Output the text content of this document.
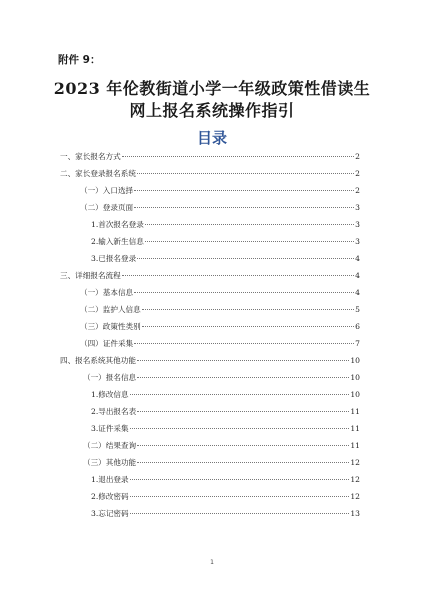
附件 9：
2023 年伦教街道小学一年级政策性借读生
网上报名系统操作指引
目录
一、家长报名方式	2
二、家长登录报名系统	2
（一）入口选择	2
（二）登录页面	3
1.首次报名登录	3
2.输入新生信息	3
3.已报名登录	4
三、详细报名流程	4
（一）基本信息	4
（二）监护人信息	5
（三）政策性类别	6
（四）证件采集	7
四、报名系统其他功能	10
（一）报名信息	10
1.修改信息	10
2.导出报名表	11
3.证件采集	11
（二）结果查询	11
（三）其他功能	12
1.退出登录	12
2.修改密码	12
3.忘记密码	13
1
